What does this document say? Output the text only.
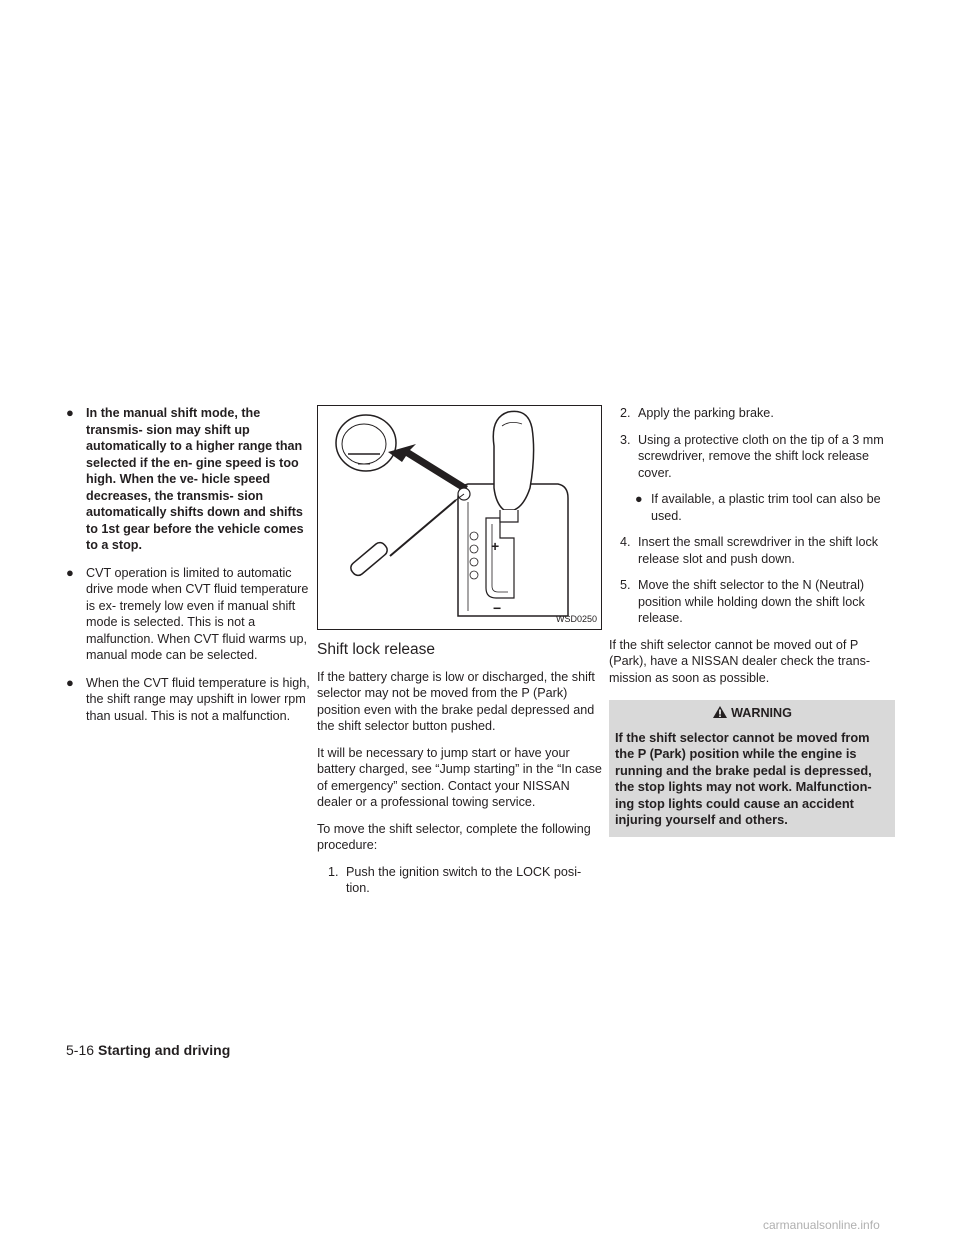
● In the manual shift mode, the transmis- sion may shift up automatically to a higher range than selected if the en- gine speed is too high. When the ve- hicle speed decreases, the transmis- sion automatically shifts down and shifts to 1st gear before the vehicle comes to a stop.
● CVT operation is limited to automatic drive mode when CVT fluid temperature is ex- tremely low even if manual shift mode is selected. This is not a malfunction. When CVT fluid warms up, manual mode can be selected.
● When the CVT fluid temperature is high, the shift range may upshift in lower rpm than usual. This is not a malfunction.
+
−
WSD0250
Shift lock release

If the battery charge is low or discharged, the shift selector may not be moved from the P (Park) position even with the brake pedal depressed and the shift selector button pushed.

It will be necessary to jump start or have your battery charged, see “Jump starting” in the “In case of emergency” section. Contact your NISSAN dealer or a professional towing service.

To move the shift selector, complete the following procedure:

1. Push the ignition switch to the LOCK posi- tion.
2. Apply the parking brake.
3. Using a protective cloth on the tip of a 3 mm screwdriver, remove the shift lock release cover.
● If available, a plastic trim tool can also be used.
4. Insert the small screwdriver in the shift lock release slot and push down.
5. Move the shift selector to the N (Neutral) position while holding down the shift lock release.

If the shift selector cannot be moved out of P (Park), have a NISSAN dealer check the trans- mission as soon as possible.

WARNING
If the shift selector cannot be moved from the P (Park) position while the engine is running and the brake pedal is depressed, the stop lights may not work. Malfunction- ing stop lights could cause an accident injuring yourself and others.
5-16 Starting and driving
carmanualsonline.info
